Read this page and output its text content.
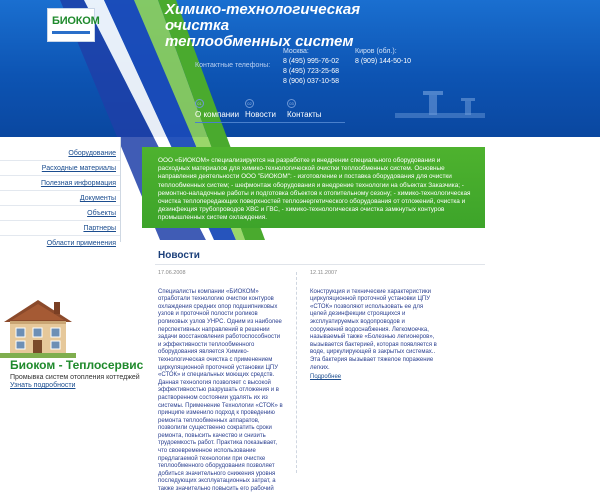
БИОКОМ
Химико-технологическая очистка
теплообменных систем
Контактные телефоны:
Москва:
8 (495) 995-76-02
8 (495) 723-25-68
8 (906) 037-10-58
Киров (обл.):
8 (909) 144-50-10
01
О компании
02
Новости
03
Контакты
Оборудование
Расходные материалы
Полезная информация
Документы
Объекты
Партнеры
Области применения
Биоком - Теплосервис
Промывка систем отопления коттеджей
Узнать подробности

ООО «БИОКОМ» специализируется на разработке и внедрении специального оборудования и расходных материалов для химико-технологической очистки теплообменных систем. Основные направления деятельности ООО "БИОКОМ": - изготовление и поставка оборудования для очистки теплообменных систем; - шефмонтаж оборудования и внедрение технологии на объектах Заказчика; - ремонтно-наладочные работы и подготовка объектов к отопительному сезону; - химико-технологическая очистка теплопередающих поверхностей теплоэнергетического оборудования от отложений, очистка и дезинфекция трубопроводов ХВС и ГВС, - химико-технологическая очистка замкнутых контуров промышленных систем охлаждения.

Новости
17.06.2008

Специалисты компании «БИОКОМ» отработали технологию очистки контуров охлаждения средних опор подшипниковых узлов и проточной полости роликов роликовых узлов УНРС. Одним из наиболее перспективных направлений в решении задачи восстановления работоспособности и эффективности теплообменного оборудования является Химико-технологическая очистка с применением циркуляционной проточной установки ЦПУ «СТОК» и специальных моющих средств. Данная технология позволяет с высокой эффективностью разрушать отложения и в растворенном состоянии удалять их из системы. Применение Технологии «СТОК» в принципе изменило подход к проведению ремонта теплообменных аппаратов, позволили существенно сократить сроки ремонта, повысить качество и снизить трудоемкость работ. Практика показывает, что своевременное использование предлагаемой технологии при очистке теплообменного оборудования позволяет добиться значительного снижения уровня последующих эксплуатационных затрат, а также значительно повысить его рабочий

12.11.2007

Конструкция и технические характеристики циркуляционной проточной установки ЦПУ «СТОК» позволяют использовать ее для целей дезинфекции строящихся и эксплуатируемых водопроводов и сооружений водоснабжения. Легкомоечка, называемый также «Болезнью легионеров», вызывается бактерией, которая появляется в воде, циркулирующей в закрытых системах.. Эта бактерия вызывает тяжелое поражение легких.

Подробнее
